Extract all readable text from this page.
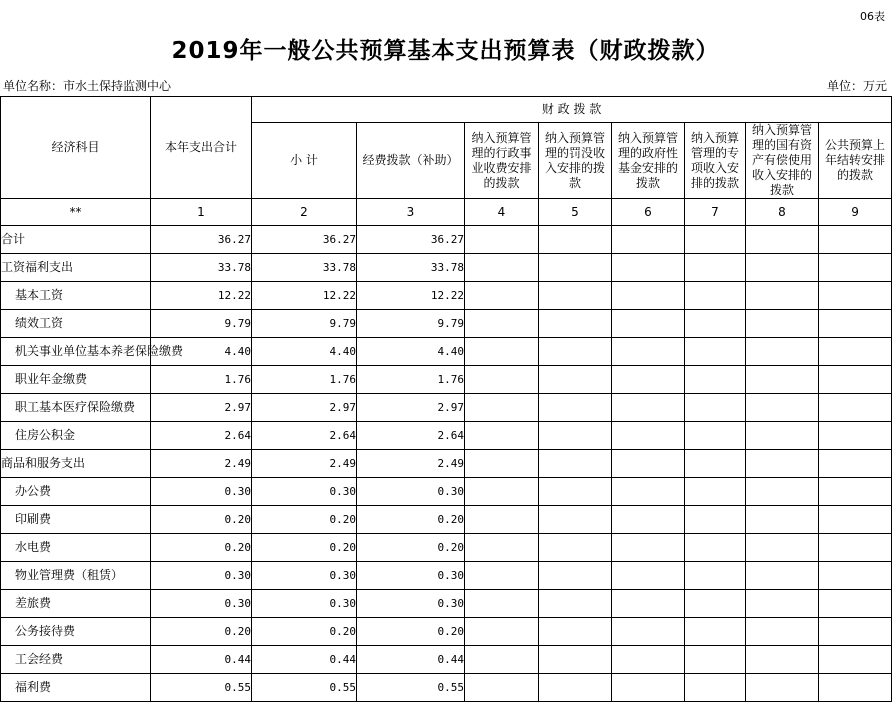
06表
2019年一般公共预算基本支出预算表（财政拨款）
单位名称：市水土保持监测中心	单位：万元
经济科目	本年支出合计	财 政 拨 款							
		小 计	经费拨款（补助）	纳入预算管理的行政事业收费安排的拨款	纳入预算管理的罚没收入安排的拨款	纳入预算管理的政府性基金安排的拨款	纳入预算管理的专项收入安排的拨款	纳入预算管理的国有资产有偿使用收入安排的拨款	公共预算上年结转安排的拨款
**	1	2	3	4	5	6	7	8	9
合计	36.27	36.27	36.27						
工资福利支出	33.78	33.78	33.78						
基本工资	12.22	12.22	12.22						
绩效工资	9.79	9.79	9.79						
机关事业单位基本养老保险缴费	4.40	4.40	4.40						
职业年金缴费	1.76	1.76	1.76						
职工基本医疗保险缴费	2.97	2.97	2.97						
住房公积金	2.64	2.64	2.64						
商品和服务支出	2.49	2.49	2.49						
办公费	0.30	0.30	0.30						
印刷费	0.20	0.20	0.20						
水电费	0.20	0.20	0.20						
物业管理费（租赁）	0.30	0.30	0.30						
差旅费	0.30	0.30	0.30						
公务接待费	0.20	0.20	0.20						
工会经费	0.44	0.44	0.44						
福利费	0.55	0.55	0.55						
